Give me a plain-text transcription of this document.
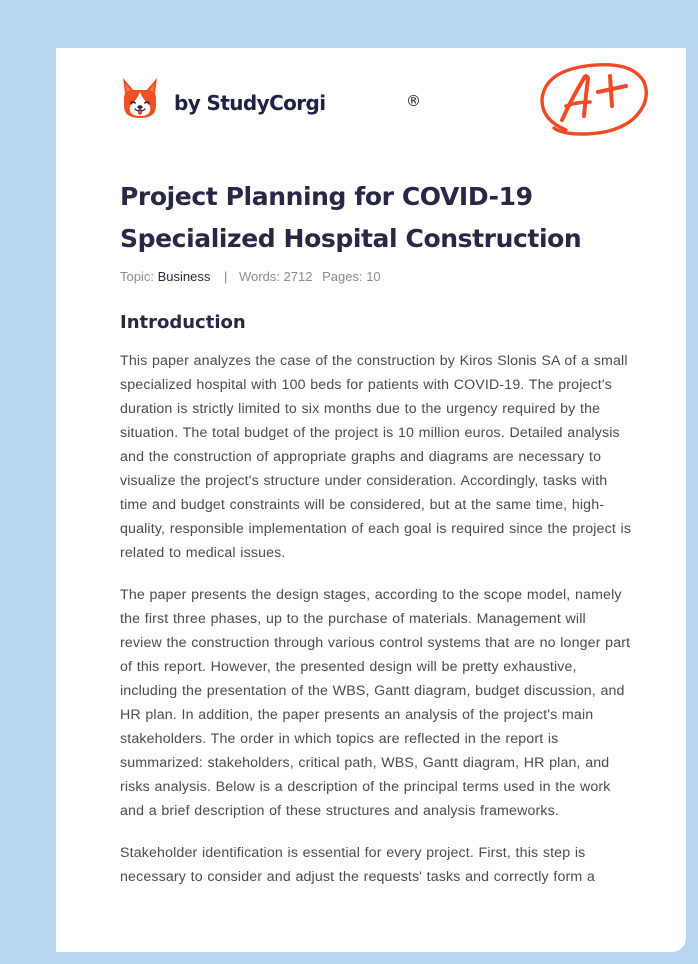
by StudyCorgi	®
Project Planning for COVID-19 Specialized Hospital Construction
Topic: Business | Words: 2712 Pages: 10
Introduction

This paper analyzes the case of the construction by Kiros Slonis SA of a small specialized hospital with 100 beds for patients with COVID-19. The project's duration is strictly limited to six months due to the urgency required by the situation. The total budget of the project is 10 million euros. Detailed analysis and the construction of appropriate graphs and diagrams are necessary to visualize the project's structure under consideration. Accordingly, tasks with time and budget constraints will be considered, but at the same time, high-quality, responsible implementation of each goal is required since the project is related to medical issues.

The paper presents the design stages, according to the scope model, namely the first three phases, up to the purchase of materials. Management will review the construction through various control systems that are no longer part of this report. However, the presented design will be pretty exhaustive, including the presentation of the WBS, Gantt diagram, budget discussion, and HR plan. In addition, the paper presents an analysis of the project's main stakeholders. The order in which topics are reflected in the report is summarized: stakeholders, critical path, WBS, Gantt diagram, HR plan, and risks analysis. Below is a description of the principal terms used in the work and a brief description of these structures and analysis frameworks.

Stakeholder identification is essential for every project. First, this step is necessary to consider and adjust the requests' tasks and correctly form a
